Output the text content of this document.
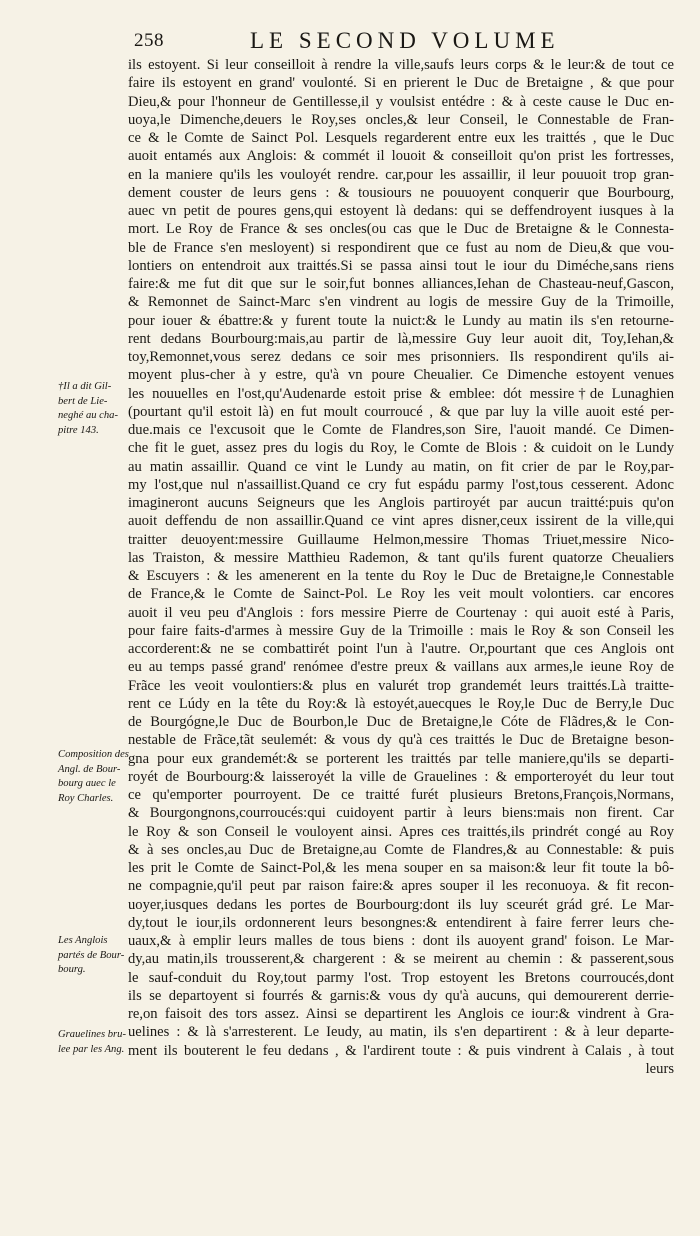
258	LE SECOND VOLUME
ils estoyent. Si leur conseilloit à rendre la ville,saufs leurs corps & le leur:& de tout ce
faire ils estoyent en grand' voulonté. Si en prierent le Duc de Bretaigne , & que pour
Dieu,& pour l'honneur de Gentillesse,il y voulsist entédre : & à ceste cause le Duc en-
uoya,le Dimenche,deuers le Roy,ses oncles,& leur Conseil, le Connestable de Fran-
ce & le Comte de Sainct Pol. Lesquels regarderent entre eux les traittés , que le Duc
auoit entamés aux Anglois: & commét il louoit & conseilloit qu'on prist les fortresses,
en la maniere qu'ils les vouloyét rendre. car,pour les assaillir, il leur pouuoit trop gran-
dement couster de leurs gens : & tousiours ne pouuoyent conquerir que Bourbourg,
auec vn petit de poures gens,qui estoyent là dedans: qui se deffendroyent iusques à la
mort. Le Roy de France & ses oncles(ou cas que le Duc de Bretaigne & le Connesta-
ble de France s'en mesloyent) si respondirent que ce fust au nom de Dieu,& que vou-
lontiers on entendroit aux traittés.Si se passa ainsi tout le iour du Diméche,sans riens
faire:& me fut dit que sur le soir,fut bonnes alliances,Iehan de Chasteau-neuf,Gascon,
& Remonnet de Sainct-Marc s'en vindrent au logis de messire Guy de la Trimoille,
pour iouer & ébattre:& y furent toute la nuict:& le Lundy au matin ils s'en retourne-
rent dedans Bourbourg:mais,au partir de là,messire Guy leur auoit dit, Toy,Iehan,&
toy,Remonnet,vous serez dedans ce soir mes prisonniers. Ils respondirent qu'ils ai-
moyent plus-cher à y estre, qu'à vn poure Cheualier. Ce Dimenche estoyent venues
les nouuelles en l'ost,qu'Audenarde estoit prise & emblee: dót messire†de Lunaghien
(pourtant qu'il estoit là) en fut moult courroucé , & que par luy la ville auoit esté per-
due.mais ce l'excusoit que le Comte de Flandres,son Sire, l'auoit mandé. Ce Dimen-
che fit le guet, assez pres du logis du Roy, le Comte de Blois : & cuidoit on le Lundy
au matin assaillir. Quand ce vint le Lundy au matin, on fit crier de par le Roy,par-
my l'ost,que nul n'assaillist.Quand ce cry fut espádu parmy l'ost,tous cesserent. Adonc
imagineront aucuns Seigneurs que les Anglois partiroyét par aucun traitté:puis qu'on
auoit deffendu de non assaillir.Quand ce vint apres disner,ceux issirent de la ville,qui
traitter deuoyent:messire Guillaume Helmon,messire Thomas Triuet,messire Nico-
las Traiston, & messire Matthieu Rademon, & tant qu'ils furent quatorze Cheualiers
& Escuyers : & les amenerent en la tente du Roy le Duc de Bretaigne,le Connestable
de France,& le Comte de Sainct-Pol. Le Roy les veit moult volontiers. car encores
auoit il veu peu d'Anglois : fors messire Pierre de Courtenay : qui auoit esté à Paris,
pour faire faits-d'armes à messire Guy de la Trimoille : mais le Roy & son Conseil les
accorderent:& ne se combattirét point l'un à l'autre. Or,pourtant que ces Anglois ont
eu au temps passé grand' renómee d'estre preux & vaillans aux armes,le ieune Roy de
Frãce les veoit voulontiers:& plus en valurét trop grandemét leurs traittés.Là traitte-
rent ce Lúdy en la tête du Roy:& là estoyét,auecques le Roy,le Duc de Berry,le Duc
de Bourgógne,le Duc de Bourbon,le Duc de Bretaigne,le Cóte de Flãdres,& le Con-
nestable de Frãce,tãt seulemét: & vous dy qu'à ces traittés le Duc de Bretaigne beson-
gna pour eux grandemét:& se porterent les traittés par telle maniere,qu'ils se departi-
royét de Bourbourg:& laisseroyét la ville de Grauelines : & emporteroyét du leur tout
ce qu'emporter pourroyent. De ce traitté furét plusieurs Bretons,François,Normans,
& Bourgongnons,courroucés:qui cuidoyent partir à leurs biens:mais non firent. Car
le Roy & son Conseil le vouloyent ainsi. Apres ces traittés,ils prindrét congé au Roy
& à ses oncles,au Duc de Bretaigne,au Comte de Flandres,& au Connestable: & puis
les prit le Comte de Sainct-Pol,& les mena souper en sa maison:& leur fit toute la bô-
ne compagnie,qu'il peut par raison faire:& apres souper il les reconuoya. & fit recon-
uoyer,iusques dedans les portes de Bourbourg:dont ils luy sceurét grád gré. Le Mar-
dy,tout le iour,ils ordonnerent leurs besongnes:& entendirent à faire ferrer leurs che-
uaux,& à emplir leurs malles de tous biens : dont ils auoyent grand' foison. Le Mar-
dy,au matin,ils trousserent,& chargerent : & se meirent au chemin : & passerent,sous
le sauf-conduit du Roy,tout parmy l'ost. Trop estoyent les Bretons courroucés,dont
ils se departoyent si fourrés & garnis:& vous dy qu'à aucuns, qui demourerent derrie-
re,on faisoit des tors assez. Ainsi se departirent les Anglois ce iour:& vindrent à Gra-
uelines : & là s'arresterent. Le Ieudy, au matin, ils s'en departirent : & à leur departe-
ment ils bouterent le feu dedans , & l'ardirent toute : & puis vindrent à Calais , à tout
leurs
†Il a dit Gil-
bert de Lie-
neghé au cha-
pitre 143.
Composition des
Angl. de Bour-
bourg auec le
Roy Charles.
Les Anglois
partés de Bour-
bourg.
Grauelines bru-
lee par les Ang.
